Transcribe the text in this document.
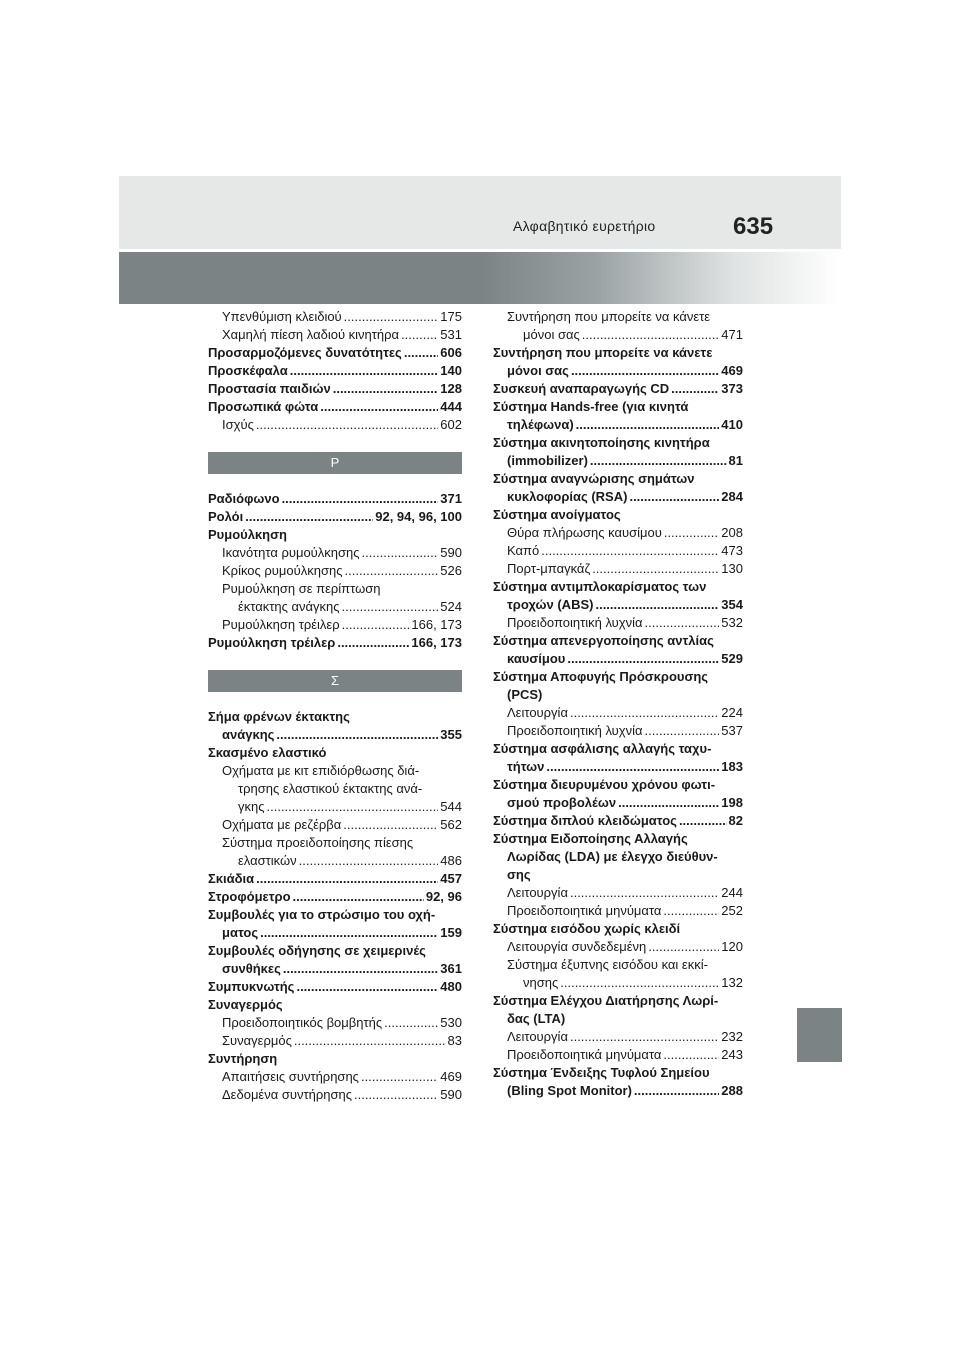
Αλφαβητικό ευρετήριο	635
Υπενθύμιση κλειδιού .....	175
Χαμηλή πίεση λαδιού κινητήρα .....	531
Προσαρμοζόμενες δυνατότητες .....	606
Προσκέφαλα .....	140
Προστασία παιδιών .....	128
Προσωπικά φώτα .....	444
Ισχύς .....	602
Ρ
Ραδιόφωνο .....	371
Ρολόι .....	92, 94, 96, 100
Ρυμούλκηση
Ικανότητα ρυμούλκησης .....	590
Κρίκος ρυμούλκησης .....	526
Ρυμούλκηση σε περίπτωση
έκτακτης ανάγκης .....	524
Ρυμούλκηση τρέιλερ .....	166, 173
Ρυμούλκηση τρέιλερ .....	166, 173
Σ
Σήμα φρένων έκτακτης
ανάγκης .....	355
Σκασμένο ελαστικό
Οχήματα με κιτ επιδιόρθωσης διά-
τρησης ελαστικού έκτακτης ανά-
γκης .....	544
Οχήματα με ρεζέρβα .....	562
Σύστημα προειδοποίησης πίεσης
ελαστικών .....	486
Σκιάδια .....	457
Στροφόμετρο .....	92, 96
Συμβουλές για το στρώσιμο του οχή-
ματος .....	159
Συμβουλές οδήγησης σε χειμερινές
συνθήκες .....	361
Συμπυκνωτής .....	480
Συναγερμός
Προειδοποιητικός βομβητής .....	530
Συναγερμός .....	83
Συντήρηση
Απαιτήσεις συντήρησης .....	469
Δεδομένα συντήρησης .....	590
Συντήρηση που μπορείτε να κάνετε
μόνοι σας .....	471
Συντήρηση που μπορείτε να κάνετε
μόνοι σας .....	469
Συσκευή αναπαραγωγής CD .....	373
Σύστημα Hands-free (για κινητά
τηλέφωνα) .....	410
Σύστημα ακινητοποίησης κινητήρα
(immobilizer) .....	81
Σύστημα αναγνώρισης σημάτων
κυκλοφορίας (RSA) .....	284
Σύστημα ανοίγματος
Θύρα πλήρωσης καυσίμου .....	208
Καπό .....	473
Πορτ-μπαγκάζ .....	130
Σύστημα αντιμπλοκαρίσματος των
τροχών (ABS) .....	354
Προειδοποιητική λυχνία .....	532
Σύστημα απενεργοποίησης αντλίας
καυσίμου .....	529
Σύστημα Αποφυγής Πρόσκρουσης
(PCS)
Λειτουργία .....	224
Προειδοποιητική λυχνία .....	537
Σύστημα ασφάλισης αλλαγής ταχυ-
τήτων .....	183
Σύστημα διευρυμένου χρόνου φωτι-
σμού προβολέων .....	198
Σύστημα διπλού κλειδώματος .....	82
Σύστημα Ειδοποίησης Αλλαγής
Λωρίδας (LDA) με έλεγχο διεύθυν-
σης
Λειτουργία .....	244
Προειδοποιητικά μηνύματα .....	252
Σύστημα εισόδου χωρίς κλειδί
Λειτουργία συνδεδεμένη .....	120
Σύστημα έξυπνης εισόδου και εκκί-
νησης .....	132
Σύστημα Ελέγχου Διατήρησης Λωρί-
δας (LTA)
Λειτουργία .....	232
Προειδοποιητικά μηνύματα .....	243
Σύστημα Ένδειξης Τυφλού Σημείου
(Bling Spot Monitor) .....	288
